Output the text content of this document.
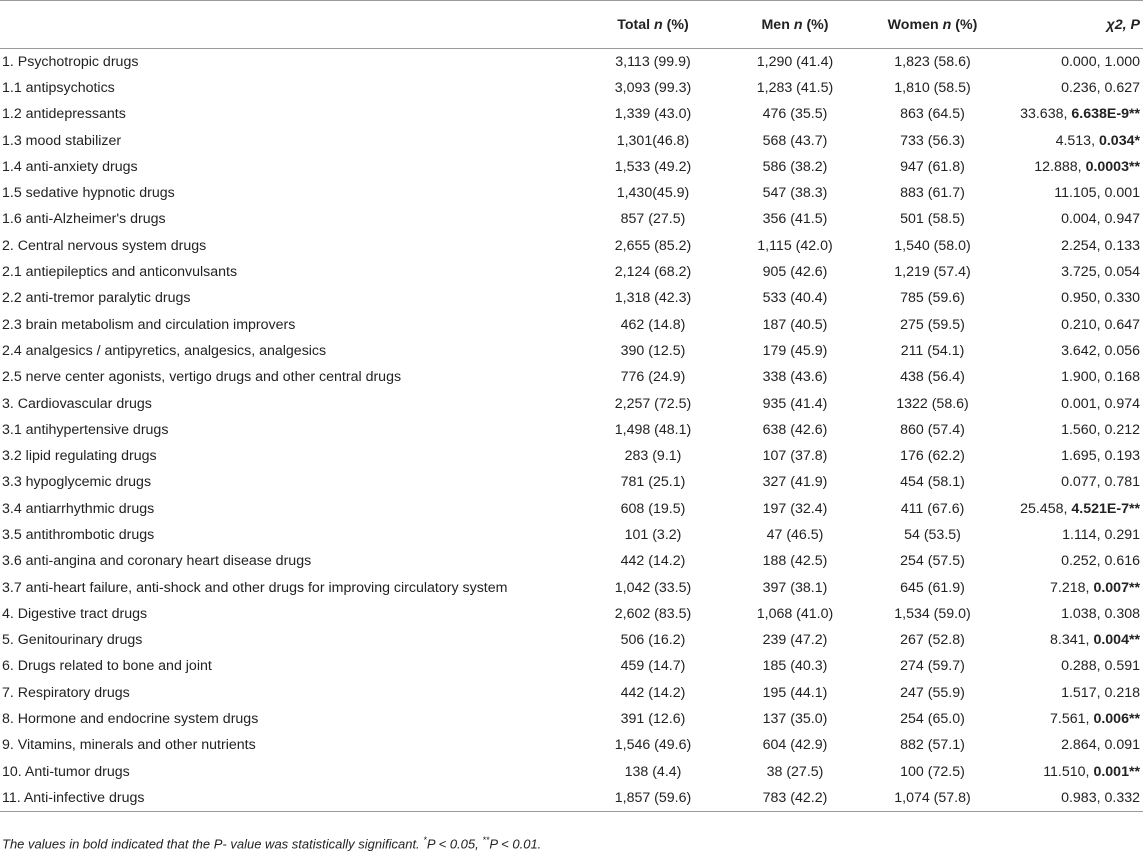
	Total n (%)	Men n (%)	Women n (%)	χ2, P
1. Psychotropic drugs	3,113 (99.9)	1,290 (41.4)	1,823 (58.6)	0.000, 1.000
1.1 antipsychotics	3,093 (99.3)	1,283 (41.5)	1,810 (58.5)	0.236, 0.627
1.2 antidepressants	1,339 (43.0)	476 (35.5)	863 (64.5)	33.638, 6.638E-9**
1.3 mood stabilizer	1,301(46.8)	568 (43.7)	733 (56.3)	4.513, 0.034*
1.4 anti-anxiety drugs	1,533 (49.2)	586 (38.2)	947 (61.8)	12.888, 0.0003**
1.5 sedative hypnotic drugs	1,430(45.9)	547 (38.3)	883 (61.7)	11.105, 0.001
1.6 anti-Alzheimer's drugs	857 (27.5)	356 (41.5)	501 (58.5)	0.004, 0.947
2. Central nervous system drugs	2,655 (85.2)	1,115 (42.0)	1,540 (58.0)	2.254, 0.133
2.1 antiepileptics and anticonvulsants	2,124 (68.2)	905 (42.6)	1,219 (57.4)	3.725, 0.054
2.2 anti-tremor paralytic drugs	1,318 (42.3)	533 (40.4)	785 (59.6)	0.950, 0.330
2.3 brain metabolism and circulation improvers	462 (14.8)	187 (40.5)	275 (59.5)	0.210, 0.647
2.4 analgesics / antipyretics, analgesics, analgesics	390 (12.5)	179 (45.9)	211 (54.1)	3.642, 0.056
2.5 nerve center agonists, vertigo drugs and other central drugs	776 (24.9)	338 (43.6)	438 (56.4)	1.900, 0.168
3. Cardiovascular drugs	2,257 (72.5)	935 (41.4)	1322 (58.6)	0.001, 0.974
3.1 antihypertensive drugs	1,498 (48.1)	638 (42.6)	860 (57.4)	1.560, 0.212
3.2 lipid regulating drugs	283 (9.1)	107 (37.8)	176 (62.2)	1.695, 0.193
3.3 hypoglycemic drugs	781 (25.1)	327 (41.9)	454 (58.1)	0.077, 0.781
3.4 antiarrhythmic drugs	608 (19.5)	197 (32.4)	411 (67.6)	25.458, 4.521E-7**
3.5 antithrombotic drugs	101 (3.2)	47 (46.5)	54 (53.5)	1.114, 0.291
3.6 anti-angina and coronary heart disease drugs	442 (14.2)	188 (42.5)	254 (57.5)	0.252, 0.616
3.7 anti-heart failure, anti-shock and other drugs for improving circulatory system	1,042 (33.5)	397 (38.1)	645 (61.9)	7.218, 0.007**
4. Digestive tract drugs	2,602 (83.5)	1,068 (41.0)	1,534 (59.0)	1.038, 0.308
5. Genitourinary drugs	506 (16.2)	239 (47.2)	267 (52.8)	8.341, 0.004**
6. Drugs related to bone and joint	459 (14.7)	185 (40.3)	274 (59.7)	0.288, 0.591
7. Respiratory drugs	442 (14.2)	195 (44.1)	247 (55.9)	1.517, 0.218
8. Hormone and endocrine system drugs	391 (12.6)	137 (35.0)	254 (65.0)	7.561, 0.006**
9. Vitamins, minerals and other nutrients	1,546 (49.6)	604 (42.9)	882 (57.1)	2.864, 0.091
10. Anti-tumor drugs	138 (4.4)	38 (27.5)	100 (72.5)	11.510, 0.001**
11. Anti-infective drugs	1,857 (59.6)	783 (42.2)	1,074 (57.8)	0.983, 0.332
The values in bold indicated that the P- value was statistically significant. *P < 0.05, **P < 0.01.
